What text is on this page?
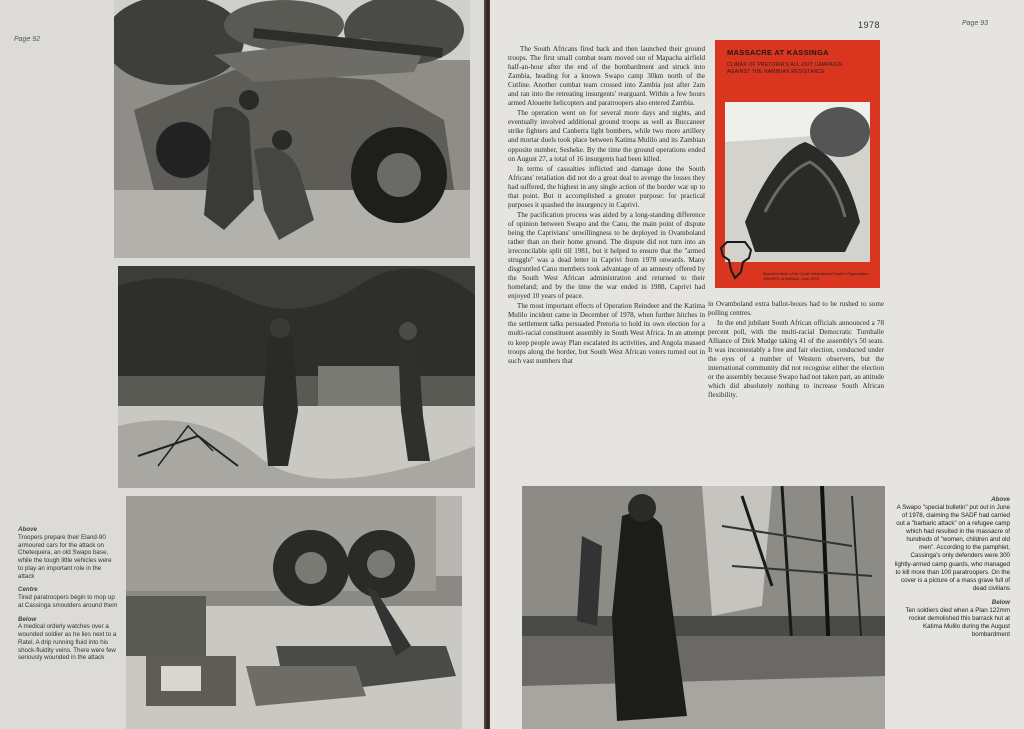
Page 92
Above
Troopers prepare their Eland-90 armoured cars for the attack on Chetequera, an old Swapo base, while the tough little vehicles were to play an important role in the attack
Centre
Tired paratroopers begin to mop up at Cassinga smoulders around them
Below
A medical orderly watches over a wounded soldier as he lies next to a Ratel. A drip running fluid into his shock-fluidity veins. There were few seriously wounded in the attack
1978	Page 93

The South Africans fired back and then launched their ground troops. The first small combat team moved out of Mapacha airfield half-an-hour after the end of the bombardment and struck into Zambia, heading for a known Swapo camp 30km north of the Cutline. Another combat team crossed into Zambia just after 2am and ran into the retreating insurgents' rearguard. Within a few hours armed Alouette helicopters and paratroopers also entered Zambia.

The operation went on for several more days and nights, and eventually involved additional ground troops as well as Buccaneer strike fighters and Canberra light bombers, while two more artillery and mortar duels took place between Katima Mulilo and its Zambian opposite number, Sesheke. By the time the ground operations ended on August 27, a total of 16 insurgents had been killed.

In terms of casualties inflicted and damage done the South Africans' retaliation did not do a great deal to avenge the losses they had suffered, the highest in any single action of the border war up to that point. But it accomplished a greater purpose: for practical purposes it quashed the insurgency in Caprivi.

The pacification process was aided by a long-standing difference of opinion between Swapo and the Canu, the main point of dispute being the Caprivians' unwillingness to be deployed in Ovamboland rather than on their home ground. The dispute did not turn into an irreconcilable split till 1981, but it helped to ensure that the "armed struggle" was a dead letter in Caprivi from 1978 onwards. Many disgruntled Canu members took advantage of an amnesty offered by the South West African administration and returned to their homeland; and by the time the war ended in 1988, Caprivi had enjoyed 10 years of peace.

The most important effects of Operation Reindeer and the Katima Mulilo incident came in December of 1978, when further hitches in the settlement talks persuaded Pretoria to hold its own election for a multi-racial constituent assembly in South West Africa. In an attempt to keep people away Plan escalated its activities, and Angola massed troops along the border, but South West African voters turned out in such vast numbers that

in Ovamboland extra ballot-boxes had to be rushed to some polling centres.

In the end jubilant South African officials announced a 78 percent poll, with the multi-racial Democratic Turnhalle Alliance of Dirk Mudge taking 41 of the assembly's 50 seats. It was incontestably a free and fair election, conducted under the eyes of a number of Western observers, but the international community did not recognise either the election or the assembly because Swapo had not taken part, an attitude which did absolutely nothing to increase South African flexibility.

MASSACRE AT KASSINGA
CLIMAX OF PRETORIA'S ALL-OUT CAMPAIGN AGAINST THE NAMIBIAN RESISTANCE
Special bulletin of the South West Africa People's Organisation (SWAPO) of Namibia, June 1978
Above
A Swapo "special bulletin" put out in June of 1978, claiming the SADF had carried out a "barbaric attack" on a refugee camp which had resulted in the massacre of hundreds of "women, children and old men". According to the pamphlet, Cassinga's only defenders were 300 lightly-armed camp guards, who managed to kill more than 100 paratroopers. On the cover is a picture of a mass grave full of dead civilians
Below
Ten soldiers died when a Plan 122mm rocket demolished this barrack hut at Katima Mulilo during the August bombardment
